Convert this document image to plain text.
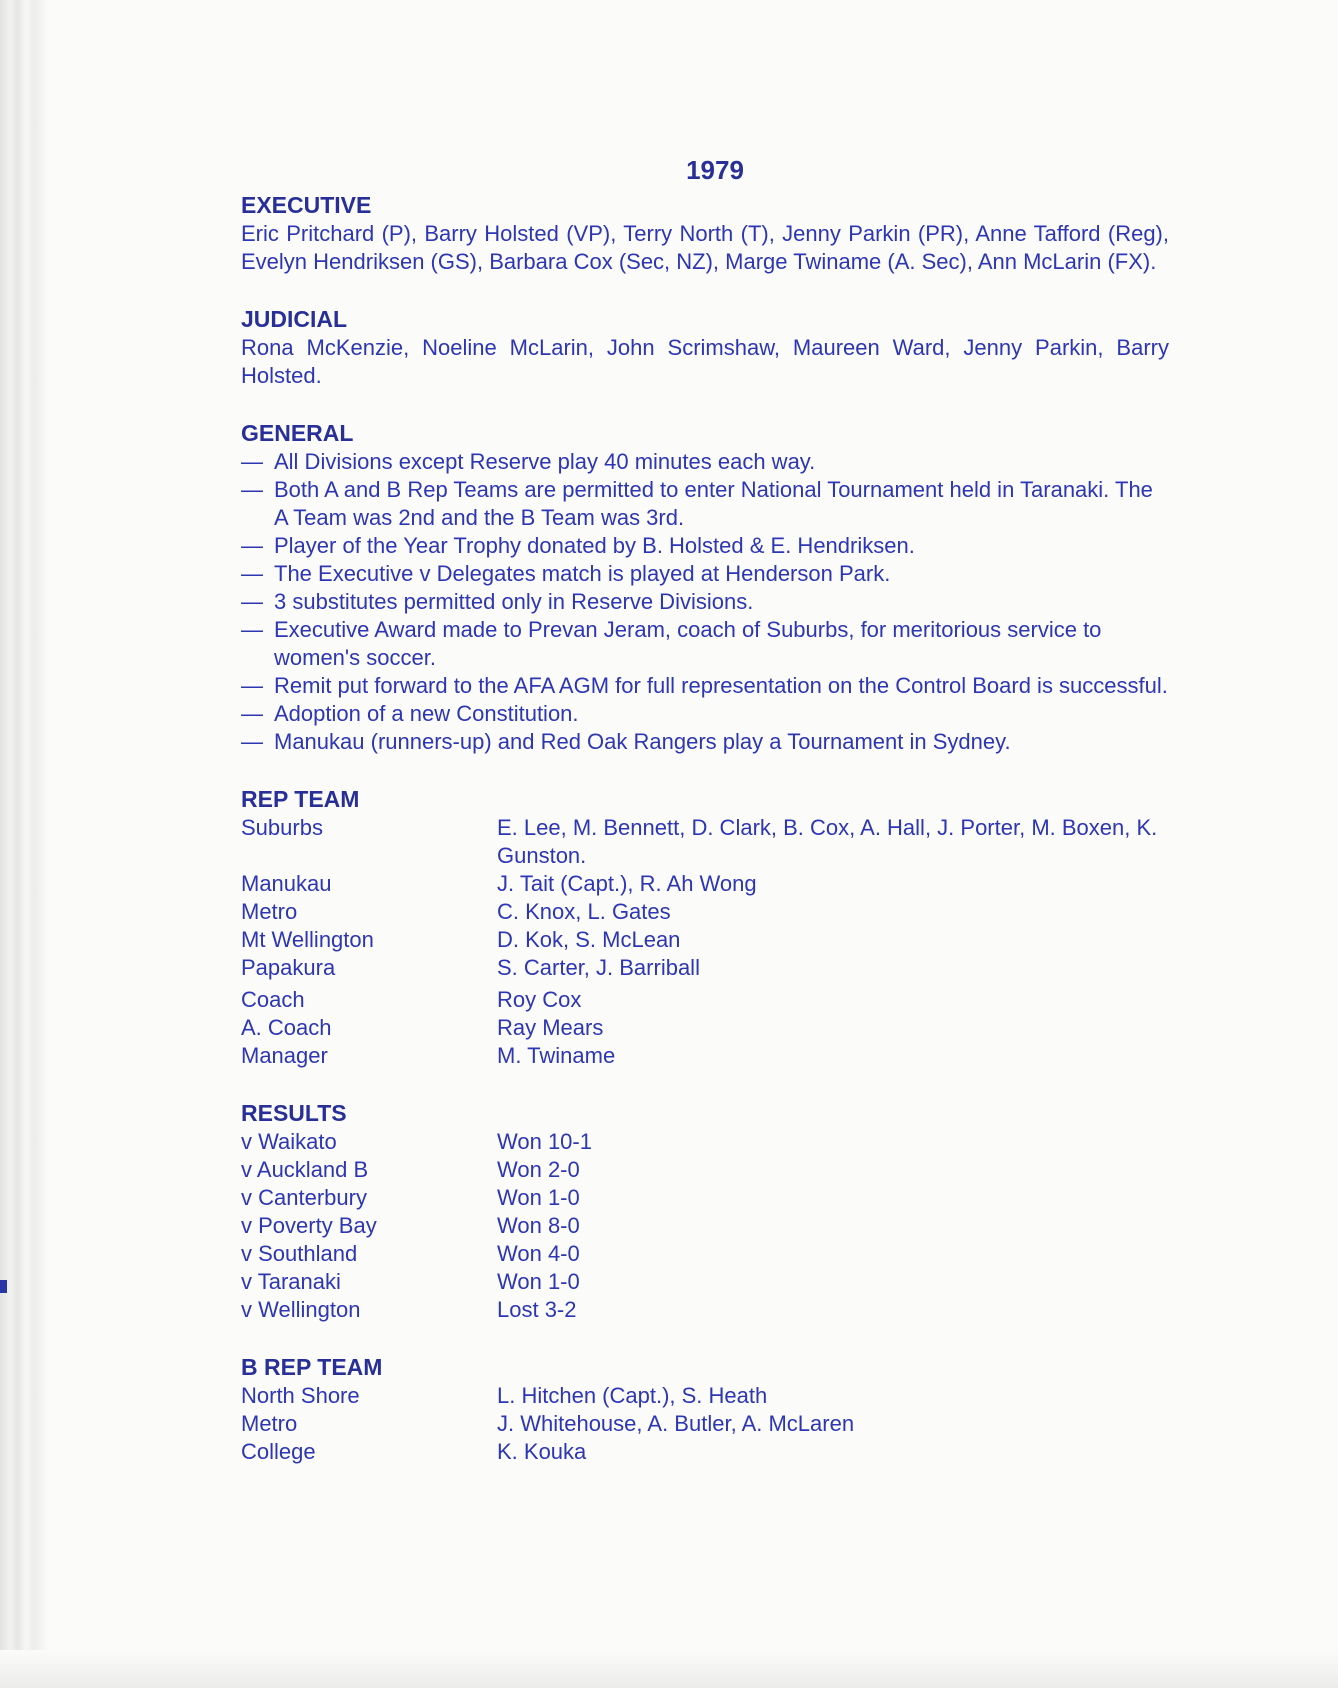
1979
EXECUTIVE

Eric Pritchard (P), Barry Holsted (VP), Terry North (T), Jenny Parkin (PR), Anne Tafford (Reg), Evelyn Hendriksen (GS), Barbara Cox (Sec, NZ), Marge Twiname (A. Sec), Ann McLarin (FX).

JUDICIAL

Rona McKenzie, Noeline McLarin, John Scrimshaw, Maureen Ward, Jenny Parkin, Barry Holsted.

GENERAL
— All Divisions except Reserve play 40 minutes each way.
— Both A and B Rep Teams are permitted to enter National Tournament held in Taranaki. The A Team was 2nd and the B Team was 3rd.
— Player of the Year Trophy donated by B. Holsted & E. Hendriksen.
— The Executive v Delegates match is played at Henderson Park.
— 3 substitutes permitted only in Reserve Divisions.
— Executive Award made to Prevan Jeram, coach of Suburbs, for meritorious service to women's soccer.
— Remit put forward to the AFA AGM for full representation on the Control Board is successful.
— Adoption of a new Constitution.
— Manukau (runners-up) and Red Oak Rangers play a Tournament in Sydney.
REP TEAM
Suburbs	E. Lee, M. Bennett, D. Clark, B. Cox, A. Hall, J. Porter, M. Boxen, K. Gunston.
Manukau	J. Tait (Capt.), R. Ah Wong
Metro	C. Knox, L. Gates
Mt Wellington	D. Kok, S. McLean
Papakura	S. Carter, J. Barriball
Coach	Roy Cox
A. Coach	Ray Mears
Manager	M. Twiname
RESULTS
v Waikato	Won 10-1
v Auckland B	Won 2-0
v Canterbury	Won 1-0
v Poverty Bay	Won 8-0
v Southland	Won 4-0
v Taranaki	Won 1-0
v Wellington	Lost 3-2
B REP TEAM
North Shore	L. Hitchen (Capt.), S. Heath
Metro	J. Whitehouse, A. Butler, A. McLaren
College	K. Kouka
